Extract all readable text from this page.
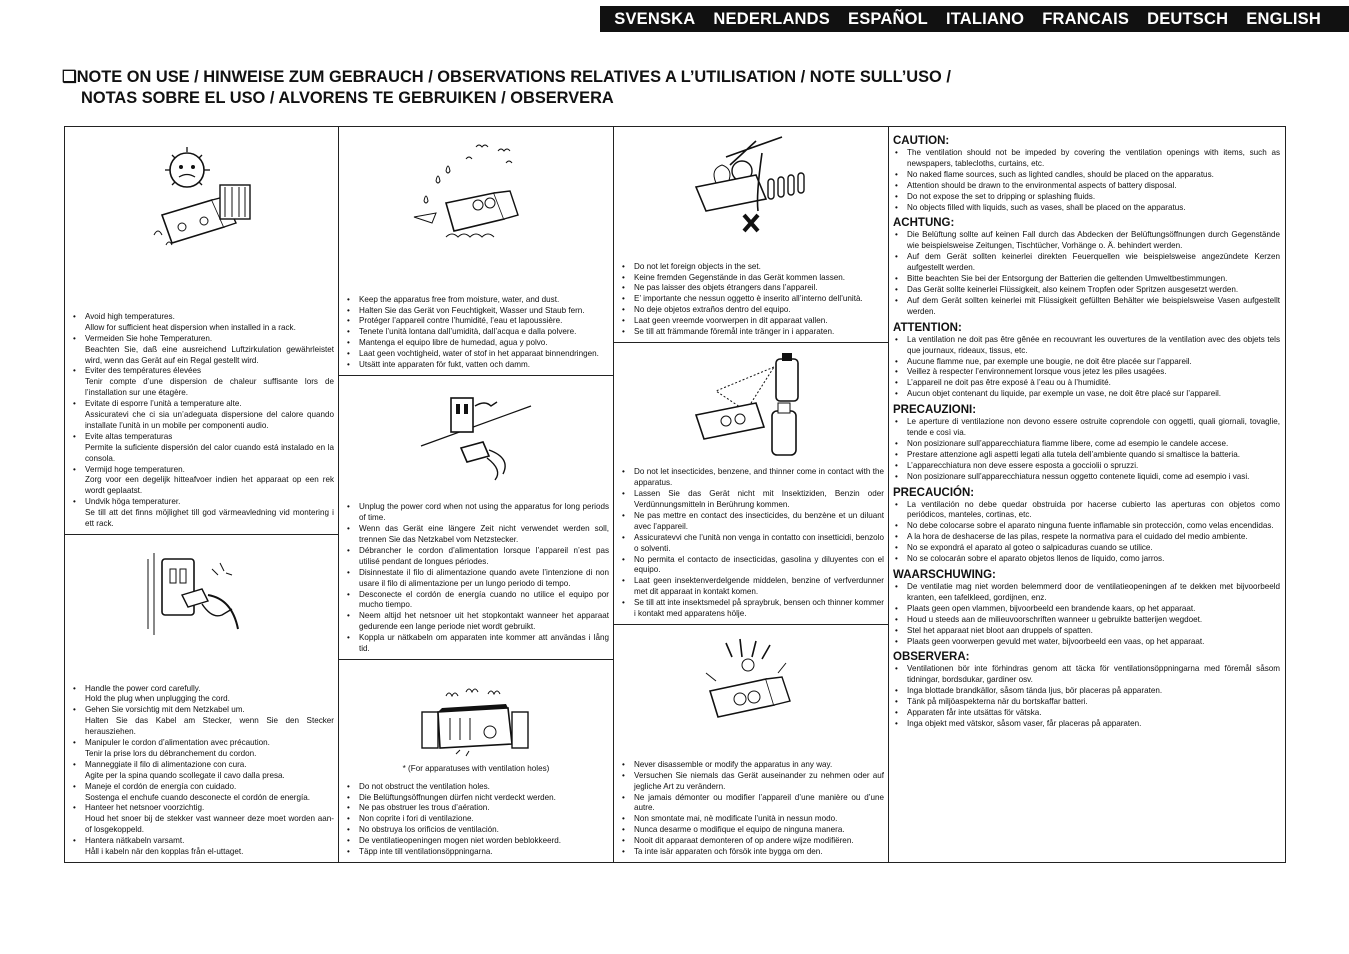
SVENSKA NEDERLANDS ESPAÑOL ITALIANO FRANCAIS DEUTSCH ENGLISH
❑NOTE ON USE / HINWEISE ZUM GEBRAUCH / OBSERVATIONS RELATIVES A L’UTILISATION / NOTE SULL’USO /
NOTAS SOBRE EL USO / ALVORENS TE GEBRUIKEN / OBSERVERA
• Avoid high temperatures.
Allow for sufficient heat dispersion when installed in a rack.
• Vermeiden Sie hohe Temperaturen.
Beachten Sie, daß eine ausreichend Luftzirkulation gewährleistet wird, wenn das Gerät auf ein Regal gestellt wird.
• Eviter des températures élevées
Tenir compte d’une dispersion de chaleur suffisante lors de l’installation sur une étagère.
• Evitate di esporre l’unità a temperature alte.
Assicuratevi che ci sia un’adeguata dispersione del calore quando installate l’unità in un mobile per componenti audio.
• Evite altas temperaturas
Permite la suficiente dispersión del calor cuando está instalado en la consola.
• Vermijd hoge temperaturen.
Zorg voor een degelijk hitteafvoer indien het apparaat op een rek wordt geplaatst.
• Undvik höga temperaturer.
Se till att det finns möjlighet till god värmeavledning vid montering i ett rack.
• Handle the power cord carefully.
Hold the plug when unplugging the cord.
• Gehen Sie vorsichtig mit dem Netzkabel um.
Halten Sie das Kabel am Stecker, wenn Sie den Stecker herausziehen.
• Manipuler le cordon d’alimentation avec précaution.
Tenir la prise lors du débranchement du cordon.
• Manneggiate il filo di alimentazione con cura.
Agite per la spina quando scollegate il cavo dalla presa.
• Maneje el cordón de energía con cuidado.
Sostenga el enchufe cuando desconecte el cordón de energía.
• Hanteer het netsnoer voorzichtig.
Houd het snoer bij de stekker vast wanneer deze moet worden aan- of losgekoppeld.
• Hantera nätkabeln varsamt.
Håll i kabeln när den kopplas från el-uttaget.
• Keep the apparatus free from moisture, water, and dust.
• Halten Sie das Gerät von Feuchtigkeit, Wasser und Staub fern.
• Protéger l’appareil contre l’humidité, l’eau et lapoussière.
• Tenete l’unità lontana dall’umidità, dall’acqua e dalla polvere.
• Mantenga el equipo libre de humedad, agua y polvo.
• Laat geen vochtigheid, water of stof in het apparaat binnendringen.
• Utsätt inte apparaten för fukt, vatten och damm.
• Unplug the power cord when not using the apparatus for long periods of time.
• Wenn das Gerät eine längere Zeit nicht verwendet werden soll, trennen Sie das Netzkabel vom Netzstecker.
• Débrancher le cordon d’alimentation lorsque l’appareil n’est pas utilisé pendant de longues périodes.
• Disinnestate il filo di alimentazione quando avete l’intenzione di non usare il filo di alimentazione per un lungo periodo di tempo.
• Desconecte el cordón de energía cuando no utilice el equipo por mucho tiempo.
• Neem altijd het netsnoer uit het stopkontakt wanneer het apparaat gedurende een lange periode niet wordt gebruikt.
• Koppla ur nätkabeln om apparaten inte kommer att användas i lång tid.
* (For apparatuses with ventilation holes)
• Do not obstruct the ventilation holes.
• Die Belüftungsöffnungen dürfen nicht verdeckt werden.
• Ne pas obstruer les trous d’aération.
• Non coprite i fori di ventilazione.
• No obstruya los orificios de ventilación.
• De ventilatieopeningen mogen niet worden beblokkeerd.
• Täpp inte till ventilationsöppningarna.
• Do not let foreign objects in the set.
• Keine fremden Gegenstände in das Gerät kommen lassen.
• Ne pas laisser des objets étrangers dans l’appareil.
• E’ importante che nessun oggetto è inserito all’interno dell’unità.
• No deje objetos extraños dentro del equipo.
• Laat geen vreemde voorwerpen in dit apparaat vallen.
• Se till att främmande föremål inte tränger in i apparaten.
• Do not let insecticides, benzene, and thinner come in contact with the apparatus.
• Lassen Sie das Gerät nicht mit Insektiziden, Benzin oder Verdünnungsmitteln in Berührung kommen.
• Ne pas mettre en contact des insecticides, du benzène et un diluant avec l’appareil.
• Assicuratevvi che l’unità non venga in contatto con insetticidi, benzolo o solventi.
• No permita el contacto de insecticidas, gasolina y diluyentes con el equipo.
• Laat geen insektenverdelgende middelen, benzine of verfverdunner met dit apparaat in kontakt komen.
• Se till att inte insektsmedel på spraybruk, bensen och thinner kommer i kontakt med apparatens hölje.
• Never disassemble or modify the apparatus in any way.
• Versuchen Sie niemals das Gerät auseinander zu nehmen oder auf jegliche Art zu verändern.
• Ne jamais démonter ou modifier l’appareil d’une manière ou d’une autre.
• Non smontate mai, nè modificate l’unità in nessun modo.
• Nunca desarme o modifique el equipo de ninguna manera.
• Nooit dit apparaat demonteren of op andere wijze modifiëren.
• Ta inte isär apparaten och försök inte bygga om den.
CAUTION:
• The ventilation should not be impeded by covering the ventilation openings with items, such as newspapers, tablecloths, curtains, etc.
• No naked flame sources, such as lighted candles, should be placed on the apparatus.
• Attention should be drawn to the environmental aspects of battery disposal.
• Do not expose the set to dripping or splashing fluids.
• No objects filled with liquids, such as vases, shall be placed on the apparatus.
ACHTUNG:
• Die Belüftung sollte auf keinen Fall durch das Abdecken der Belüftungsöffnungen durch Gegenstände wie beispielsweise Zeitungen, Tischtücher, Vorhänge o. Ä. behindert werden.
• Auf dem Gerät sollten keinerlei direkten Feuerquellen wie beispielsweise angezündete Kerzen aufgestellt werden.
• Bitte beachten Sie bei der Entsorgung der Batterien die geltenden Umweltbestimmungen.
• Das Gerät sollte keinerlei Flüssigkeit, also keinem Tropfen oder Spritzen ausgesetzt werden.
• Auf dem Gerät sollten keinerlei mit Flüssigkeit gefüllten Behälter wie beispielsweise Vasen aufgestellt werden.
ATTENTION:
• La ventilation ne doit pas être gênée en recouvrant les ouvertures de la ventilation avec des objets tels que journaux, rideaux, tissus, etc.
• Aucune flamme nue, par exemple une bougie, ne doit être placée sur l’appareil.
• Veillez à respecter l’environnement lorsque vous jetez les piles usagées.
• L’appareil ne doit pas être exposé à l’eau ou à l’humidité.
• Aucun objet contenant du liquide, par exemple un vase, ne doit être placé sur l’appareil.
PRECAUZIONI:
• Le aperture di ventilazione non devono essere ostruite coprendole con oggetti, quali giornali, tovaglie, tende e così via.
• Non posizionare sull’apparecchiatura fiamme libere, come ad esempio le candele accese.
• Prestare attenzione agli aspetti legati alla tutela dell’ambiente quando si smaltisce la batteria.
• L’apparecchiatura non deve essere esposta a gocciolii o spruzzi.
• Non posizionare sull’apparecchiatura nessun oggetto contenete liquidi, come ad esempio i vasi.
PRECAUCIÓN:
• La ventilación no debe quedar obstruida por hacerse cubierto las aperturas con objetos como periódicos, manteles, cortinas, etc.
• No debe colocarse sobre el aparato ninguna fuente inflamable sin protección, como velas encendidas.
• A la hora de deshacerse de las pilas, respete la normativa para el cuidado del medio ambiente.
• No se expondrá el aparato al goteo o salpicaduras cuando se utilice.
• No se colocarán sobre el aparato objetos llenos de líquido, como jarros.
WAARSCHUWING:
• De ventilatie mag niet worden belemmerd door de ventilatieopeningen af te dekken met bijvoorbeeld kranten, een tafelkleed, gordijnen, enz.
• Plaats geen open vlammen, bijvoorbeeld een brandende kaars, op het apparaat.
• Houd u steeds aan de milieuvoorschriften wanneer u gebruikte batterijen wegdoet.
• Stel het apparaat niet bloot aan druppels of spatten.
• Plaats geen voorwerpen gevuld met water, bijvoorbeeld een vaas, op het apparaat.
OBSERVERA:
• Ventilationen bör inte förhindras genom att täcka för ventilationsöppningarna med föremål såsom tidningar, bordsdukar, gardiner osv.
• Inga blottade brandkällor, såsom tända ljus, bör placeras på apparaten.
• Tänk på miljöaspekterna när du bortskaffar batteri.
• Apparaten får inte utsättas för vätska.
• Inga objekt med vätskor, såsom vaser, får placeras på apparaten.
